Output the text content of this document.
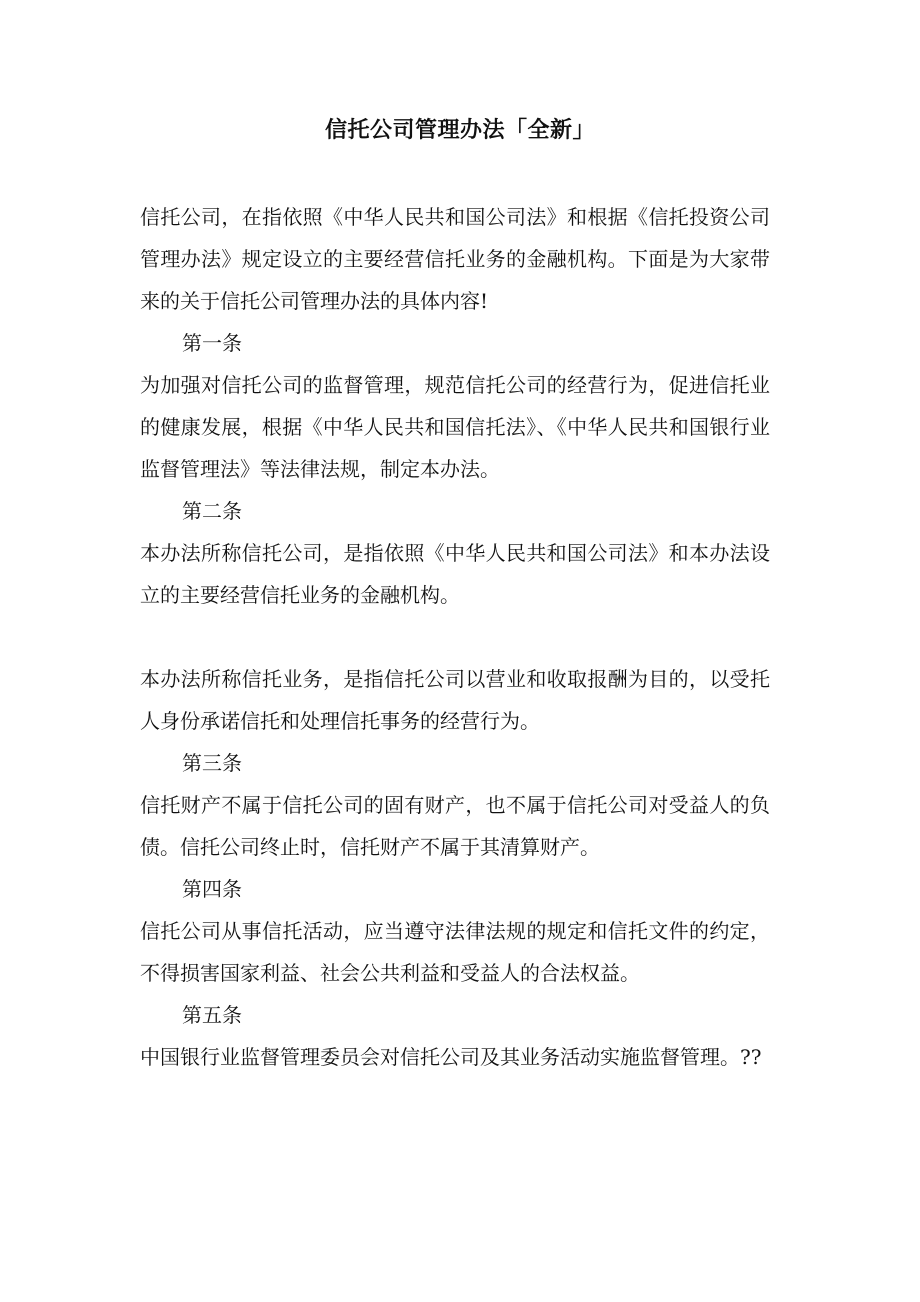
信托公司管理办法「全新」

信托公司，在指依照《中华人民共和国公司法》和根据《信托投资公司管理办法》规定设立的主要经营信托业务的金融机构。下面是为大家带来的关于信托公司管理办法的具体内容!

第一条

为加强对信托公司的监督管理，规范信托公司的经营行为，促进信托业的健康发展，根据《中华人民共和国信托法》、《中华人民共和国银行业监督管理法》等法律法规，制定本办法。

第二条

本办法所称信托公司，是指依照《中华人民共和国公司法》和本办法设立的主要经营信托业务的金融机构。

本办法所称信托业务，是指信托公司以营业和收取报酬为目的，以受托人身份承诺信托和处理信托事务的经营行为。

第三条

信托财产不属于信托公司的固有财产，也不属于信托公司对受益人的负债。信托公司终止时，信托财产不属于其清算财产。

第四条

信托公司从事信托活动，应当遵守法律法规的规定和信托文件的约定，不得损害国家利益、社会公共利益和受益人的合法权益。

第五条

中国银行业监督管理委员会对信托公司及其业务活动实施监督管理。??
